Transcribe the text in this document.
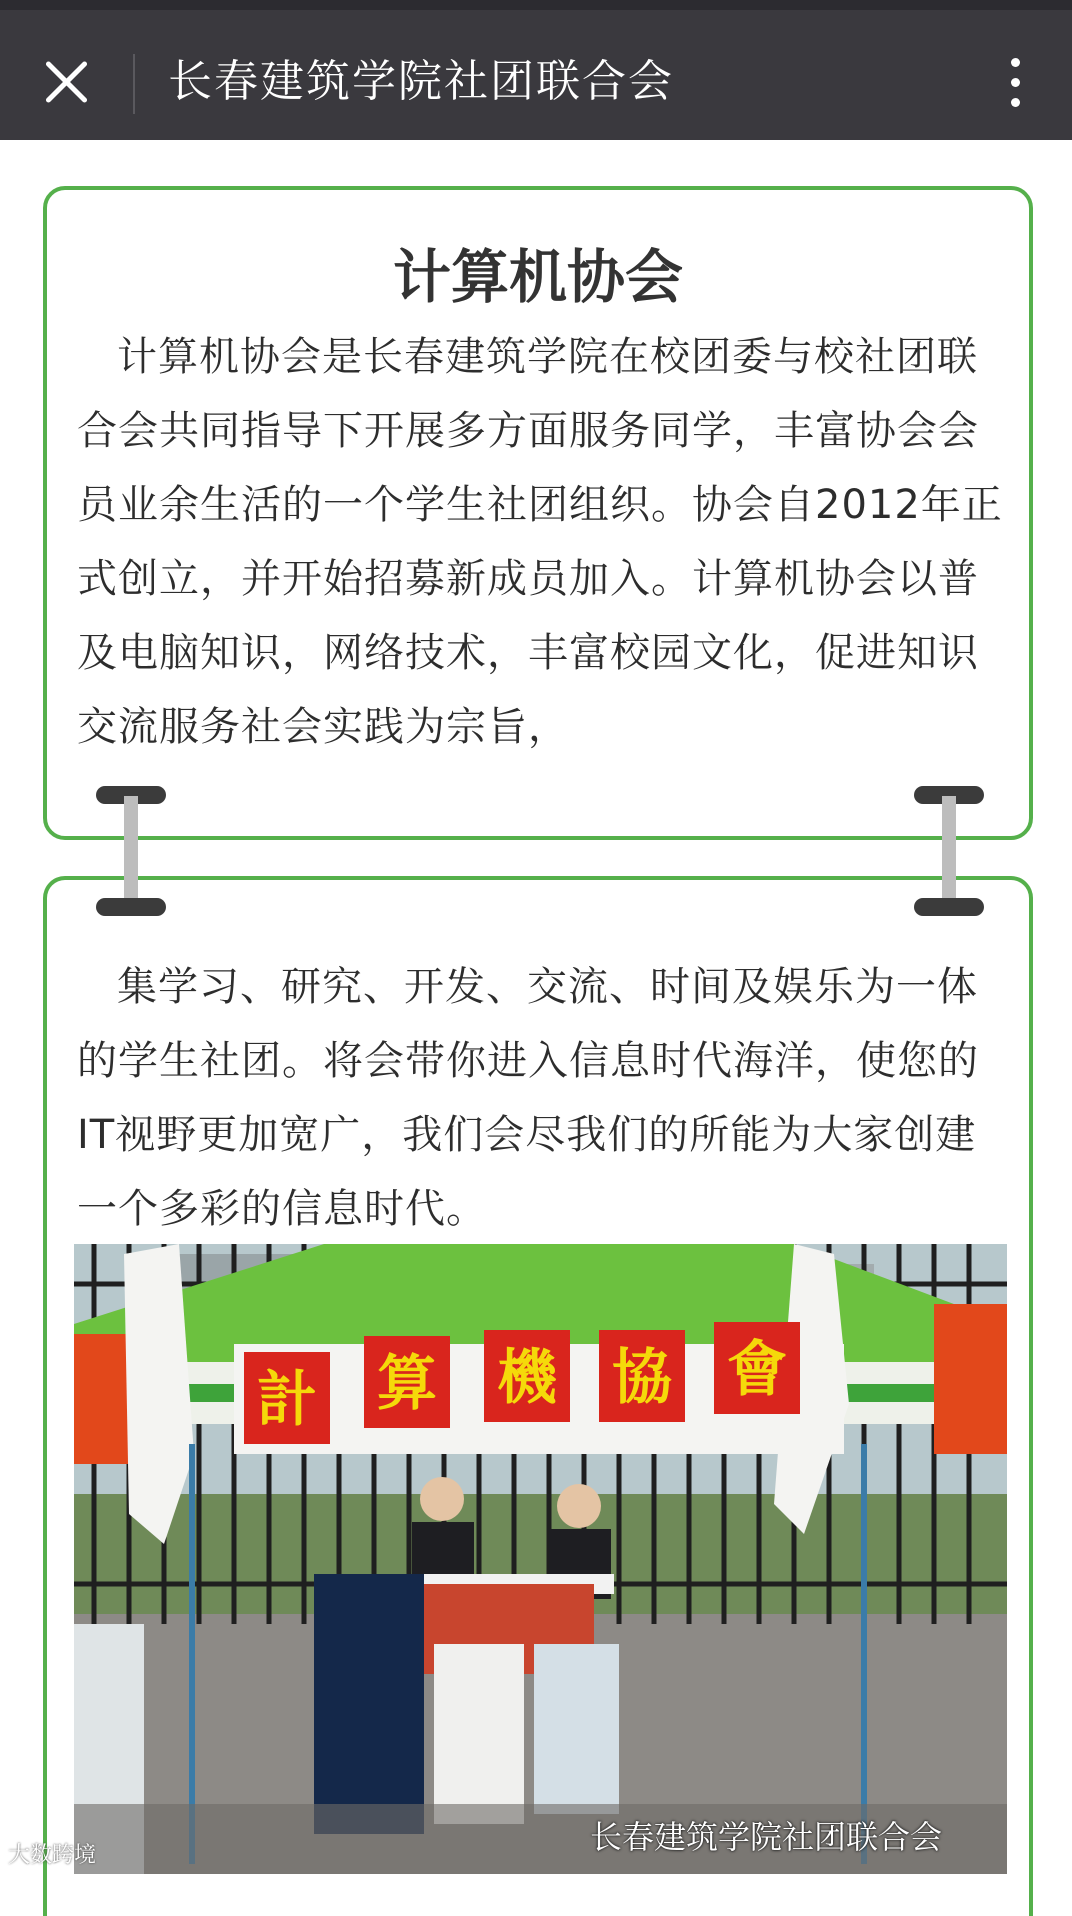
长春建筑学院社团联合会
计算机协会

计算机协会是长春建筑学院在校团委与校社团联合会共同指导下开展多方面服务同学，丰富协会会员业余生活的一个学生社团组织。协会自2012年正式创立，并开始招募新成员加入。计算机协会以普及电脑知识，网络技术，丰富校园文化，促进知识交流服务社会实践为宗旨，

集学习、研究、开发、交流、时间及娱乐为一体的学生社团。将会带你进入信息时代海洋，使您的IT视野更加宽广，我们会尽我们的所能为大家创建一个多彩的信息时代。

計 算 機 協 會
长春建筑学院社团联合会
大数跨境
